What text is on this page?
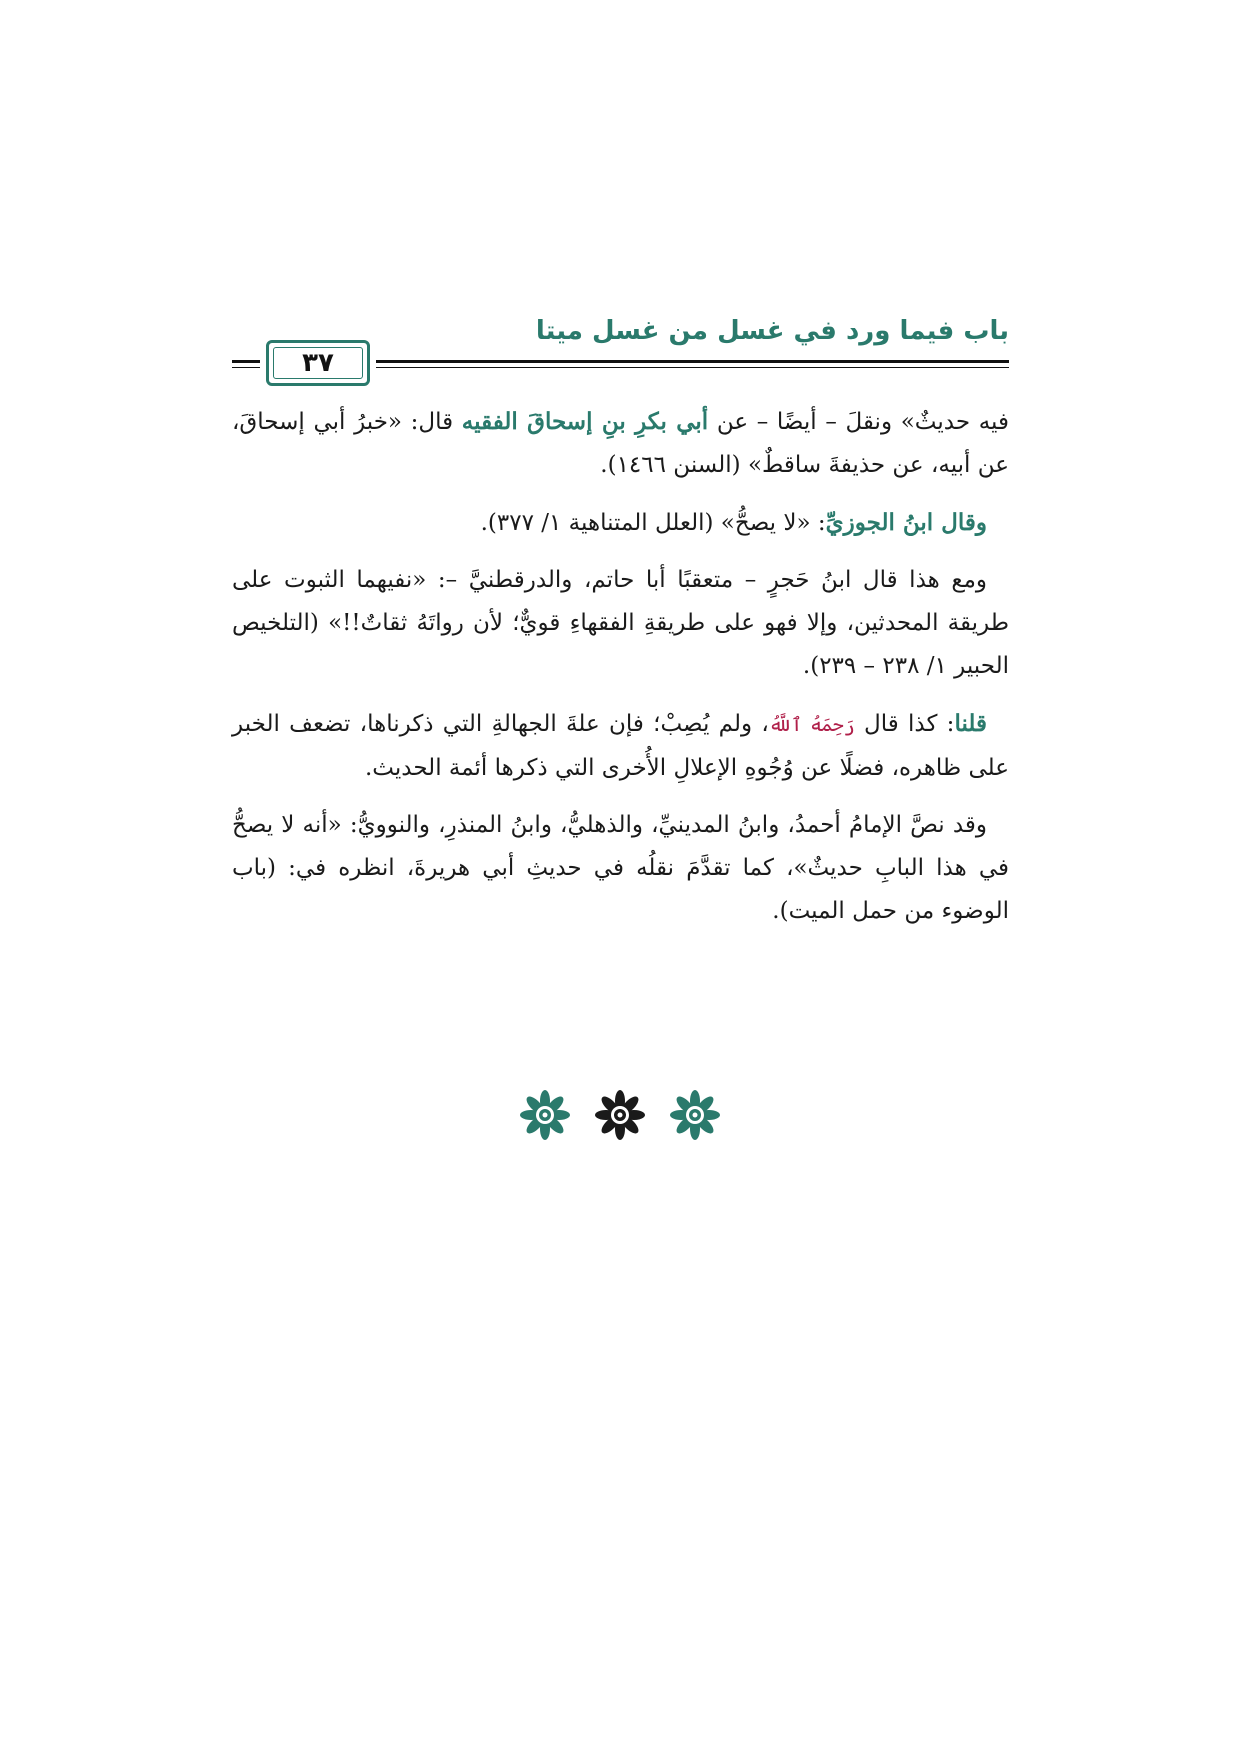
باب فيما ورد في غسل من غسل ميتا
٣٧

فيه حديثٌ» ونقلَ – أيضًا – عن أبي بكرِ بنِ إسحاقَ الفقيه قال: «خبرُ أبي إسحاقَ، عن أبيه، عن حذيفةَ ساقطٌ» (السنن ١٤٦٦).

وقال ابنُ الجوزيِّ: «لا يصحُّ» (العلل المتناهية ١/ ٣٧٧).

ومع هذا قال ابنُ حَجرٍ – متعقبًا أبا حاتم، والدرقطنيَّ –: «نفيهما الثبوت على طريقة المحدثين، وإلا فهو على طريقةِ الفقهاءِ قويٌّ؛ لأن رواتَهُ ثقاتٌ!!» (التلخيص الحبير ١/ ٢٣٨ – ٢٣٩).

قلنا: كذا قال رَحِمَهُ ٱللَّهُ، ولم يُصِبْ؛ فإن علةَ الجهالةِ التي ذكرناها، تضعف الخبر على ظاهره، فضلًا عن وُجُوهِ الإعلالِ الأُخرى التي ذكرها أئمة الحديث.

وقد نصَّ الإمامُ أحمدُ، وابنُ المدينيِّ، والذهليُّ، وابنُ المنذرِ، والنوويُّ: «أنه لا يصحُّ في هذا البابِ حديثٌ»، كما تقدَّمَ نقلُه في حديثِ أبي هريرةَ، انظره في: (باب الوضوء من حمل الميت).
